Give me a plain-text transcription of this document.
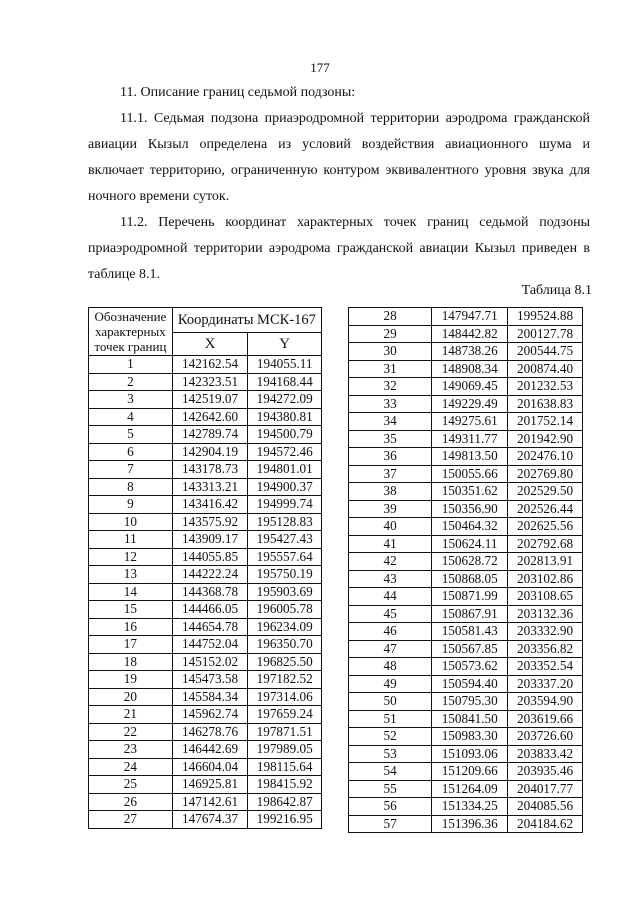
177

11. Описание границ седьмой подзоны:

11.1. Седьмая подзона приаэродромной территории аэродрома гражданской

авиации Кызыл определена из условий воздействия авиационного шума и

включает территорию, ограниченную контуром эквивалентного уровня звука для

ночного времени суток.

11.2. Перечень координат характерных точек границ седьмой подзоны

приаэродромной территории аэродрома гражданской авиации Кызыл приведен в

таблице 8.1.

Таблица 8.1
Обозначение характерных точек границ	Координаты МСК-167	
	X	Y
1	142162.54	194055.11
2	142323.51	194168.44
3	142519.07	194272.09
4	142642.60	194380.81
5	142789.74	194500.79
6	142904.19	194572.46
7	143178.73	194801.01
8	143313.21	194900.37
9	143416.42	194999.74
10	143575.92	195128.83
11	143909.17	195427.43
12	144055.85	195557.64
13	144222.24	195750.19
14	144368.78	195903.69
15	144466.05	196005.78
16	144654.78	196234.09
17	144752.04	196350.70
18	145152.02	196825.50
19	145473.58	197182.52
20	145584.34	197314.06
21	145962.74	197659.24
22	146278.76	197871.51
23	146442.69	197989.05
24	146604.04	198115.64
25	146925.81	198415.92
26	147142.61	198642.87
27	147674.37	199216.95
28	147947.71	199524.88
29	148442.82	200127.78
30	148738.26	200544.75
31	148908.34	200874.40
32	149069.45	201232.53
33	149229.49	201638.83
34	149275.61	201752.14
35	149311.77	201942.90
36	149813.50	202476.10
37	150055.66	202769.80
38	150351.62	202529.50
39	150356.90	202526.44
40	150464.32	202625.56
41	150624.11	202792.68
42	150628.72	202813.91
43	150868.05	203102.86
44	150871.99	203108.65
45	150867.91	203132.36
46	150581.43	203332.90
47	150567.85	203356.82
48	150573.62	203352.54
49	150594.40	203337.20
50	150795.30	203594.90
51	150841.50	203619.66
52	150983.30	203726.60
53	151093.06	203833.42
54	151209.66	203935.46
55	151264.09	204017.77
56	151334.25	204085.56
57	151396.36	204184.62
